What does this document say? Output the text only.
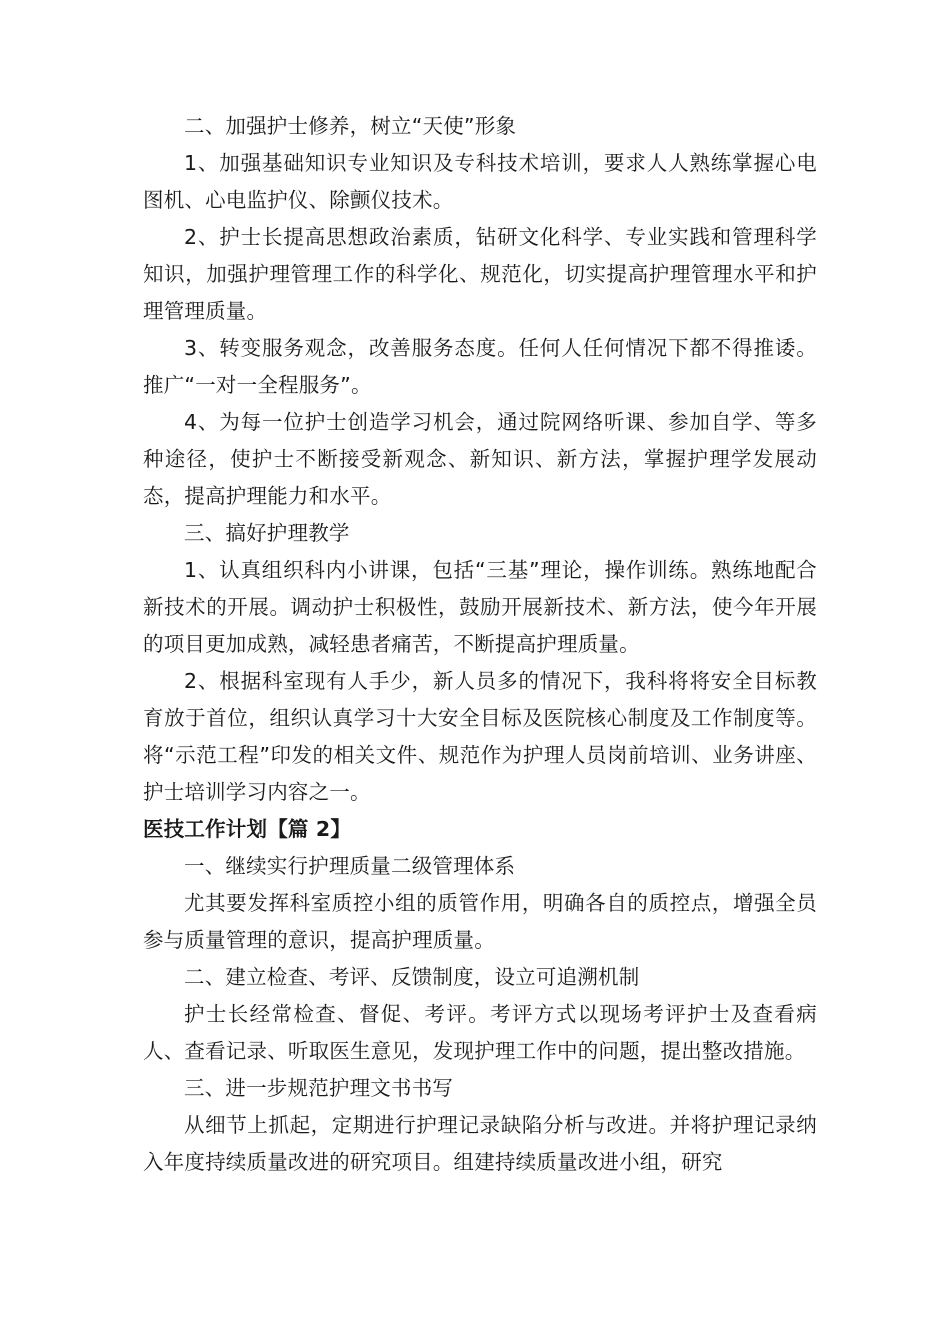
二、加强护士修养，树立“天使”形象

1、加强基础知识专业知识及专科技术培训，要求人人熟练掌握心电图机、心电监护仪、除颤仪技术。

2、护士长提高思想政治素质，钻研文化科学、专业实践和管理科学知识，加强护理管理工作的科学化、规范化，切实提高护理管理水平和护理管理质量。

3、转变服务观念，改善服务态度。任何人任何情况下都不得推诿。推广“一对一全程服务”。

4、为每一位护士创造学习机会，通过院网络听课、参加自学、等多种途径，使护士不断接受新观念、新知识、新方法，掌握护理学发展动态，提高护理能力和水平。

三、搞好护理教学

1、认真组织科内小讲课，包括“三基”理论，操作训练。熟练地配合新技术的开展。调动护士积极性，鼓励开展新技术、新方法，使今年开展的项目更加成熟，减轻患者痛苦，不断提高护理质量。

2、根据科室现有人手少，新人员多的情况下，我科将将安全目标教育放于首位，组织认真学习十大安全目标及医院核心制度及工作制度等。将“示范工程”印发的相关文件、规范作为护理人员岗前培训、业务讲座、护士培训学习内容之一。

医技工作计划【篇 2】

一、继续实行护理质量二级管理体系

尤其要发挥科室质控小组的质管作用，明确各自的质控点，增强全员参与质量管理的意识，提高护理质量。

二、建立检查、考评、反馈制度，设立可追溯机制

护士长经常检查、督促、考评。考评方式以现场考评护士及查看病人、查看记录、听取医生意见，发现护理工作中的问题，提出整改措施。

三、进一步规范护理文书书写

从细节上抓起，定期进行护理记录缺陷分析与改进。并将护理记录纳入年度持续质量改进的研究项目。组建持续质量改进小组，研究
